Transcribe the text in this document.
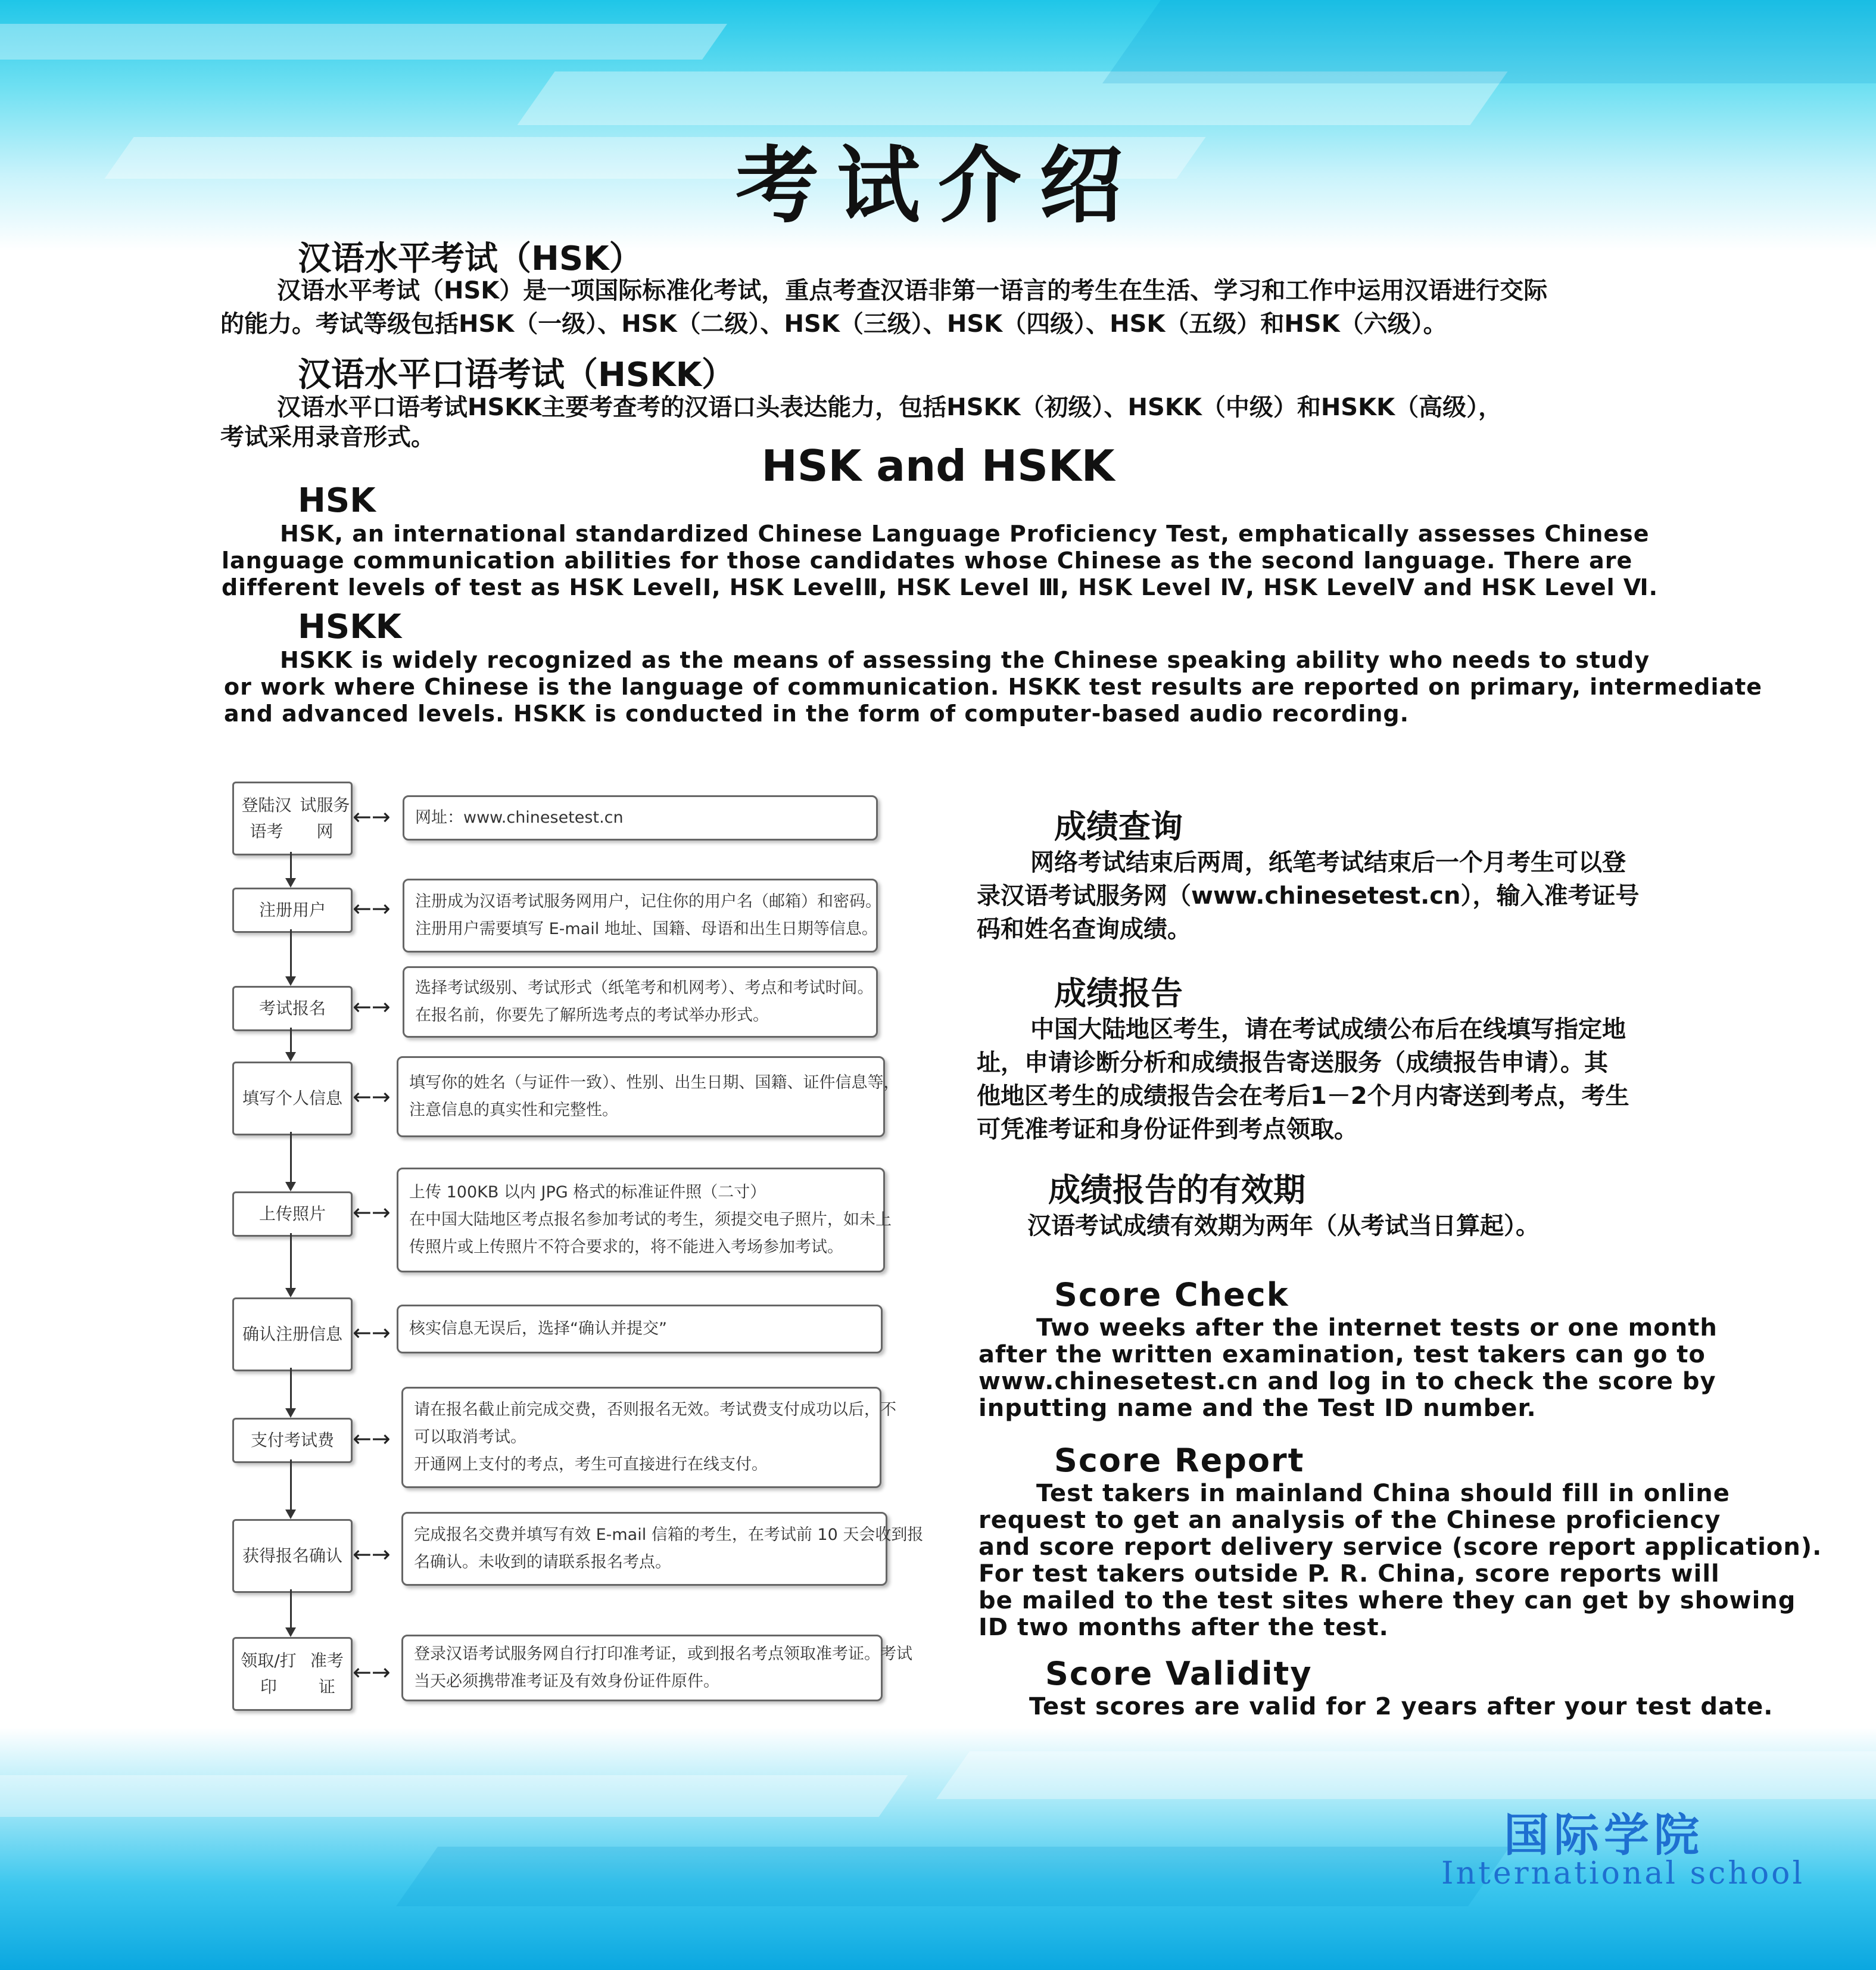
考试介绍
汉语水平考试（HSK）
汉语水平考试（HSK）是一项国际标准化考试，重点考查汉语非第一语言的考生在生活、学习和工作中运用汉语进行交际
的能力。考试等级包括HSK（一级）、HSK（二级）、HSK（三级）、HSK（四级）、HSK（五级）和HSK（六级）。
汉语水平口语考试（HSKK）
汉语水平口语考试HSKK主要考查考的汉语口头表达能力，包括HSKK（初级）、HSKK（中级）和HSKK（高级），
考试采用录音形式。
HSK and HSKK
HSK
HSK, an international standardized Chinese Language Proficiency Test, emphatically assesses Chinese
language communication abilities for those candidates whose Chinese as the second language. There are
different levels of test as HSK LevelⅠ, HSK LevelⅡ, HSK Level Ⅲ, HSK Level Ⅳ, HSK LevelⅤ and HSK Level Ⅵ.
HSKK
HSKK is widely recognized as the means of assessing the Chinese speaking ability who needs to study
or work where Chinese is the language of communication. HSKK test results are reported on primary, intermediate
and advanced levels. HSKK is conducted in the form of computer-based audio recording.
登陆汉语考

试服务网
网址：www.chinesetest.cn
←→
注册用户	注册成为汉语考试服务网用户，记住你的用户名（邮箱）和密码。
注册用户需要填写 E-mail 地址、国籍、母语和出生日期等信息。
←→
考试报名
选择考试级别、考试形式（纸笔考和机网考）、考点和考试时间。
在报名前，你要先了解所选考点的考试举办形式。
←→
填写个人 信息
填写你的姓名（与证件一致）、性别、出生日期、国籍、证件信息等，
注意信息的真实性和完整性。
←→
上传照片
上传 100KB 以内 JPG 格式的标准证件照（二寸）
在中国大陆地区考点报名参加考试的考生，须提交电子照片，如未上
传照片或上传照片不符合要求的，将不能进入考场参加考试。
←→
确认注册 信息	核实信息无误后，选择“确认并提交”
←→
支付考试费
请在报名截止前完成交费，否则报名无效。考试费支付成功以后，不
可以取消考试。
开通网上支付的考点，考生可直接进行在线支付。
←→
获得报名 确认
完成报名交费并填写有效 E-mail 信箱的考生，在考试前 10 天会收到报
名确认。未收到的请联系报名考点。
←→
领取/打印

准考证
登录汉语考试服务网自行打印准考证，或到报名考点领取准考证。考试
当天必须携带准考证及有效身份证件原件。
←→
成绩查询
网络考试结束后两周，纸笔考试结束后一个月考生可以登
录汉语考试服务网（www.chinesetest.cn），输入准考证号
码和姓名查询成绩。
成绩报告
中国大陆地区考生，请在考试成绩公布后在线填写指定地
址，申请诊断分析和成绩报告寄送服务（成绩报告申请）。其
他地区考生的成绩报告会在考后1－2个月内寄送到考点，考生
可凭准考证和身份证件到考点领取。
成绩报告的有效期
汉语考试成绩有效期为两年（从考试当日算起）。
Score Check
Two weeks after the internet tests or one month
after the written examination, test takers can go to
www.chinesetest.cn and log in to check the score by
inputting name and the Test ID number.
Score Report
Test takers in mainland China should fill in online
request to get an analysis of the Chinese proficiency
and score report delivery service (score report application).
For test takers outside P. R. China, score reports will
be mailed to the test sites where they can get by showing
ID two months after the test.
Score Validity
Test scores are valid for 2 years after your test date.
国际学院
International school
